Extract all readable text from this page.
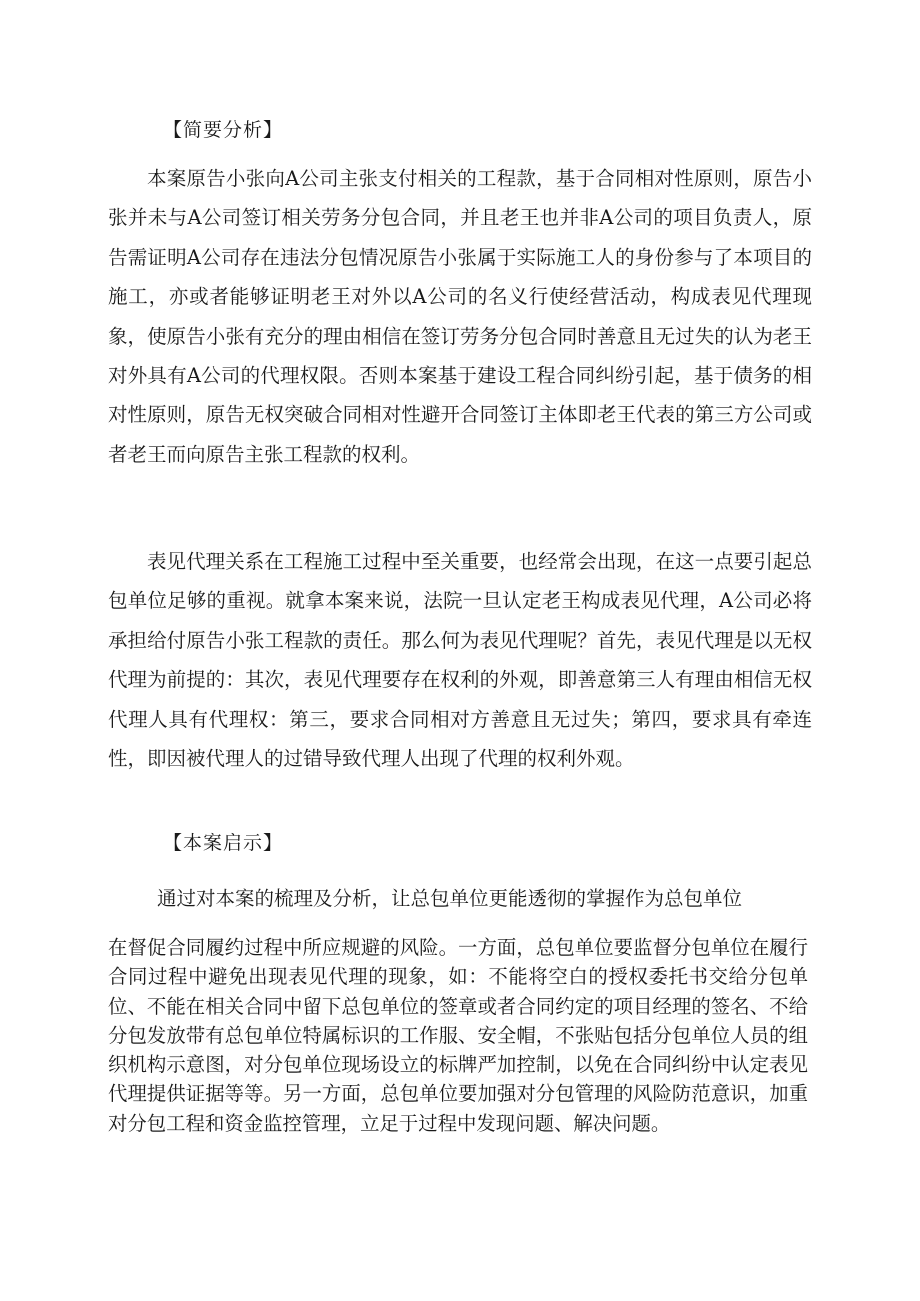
【简要分析】

本案原告小张向A公司主张支付相关的工程款，基于合同相对性原则，原告小张并未与A公司签订相关劳务分包合同，并且老王也并非A公司的项目负责人，原告需证明A公司存在违法分包情况原告小张属于实际施工人的身份参与了本项目的施工，亦或者能够证明老王对外以A公司的名义行使经营活动，构成表见代理现象，使原告小张有充分的理由相信在签订劳务分包合同时善意且无过失的认为老王对外具有A公司的代理权限。否则本案基于建设工程合同纠纷引起，基于债务的相对性原则，原告无权突破合同相对性避开合同签订主体即老王代表的第三方公司或者老王而向原告主张工程款的权利。

表见代理关系在工程施工过程中至关重要，也经常会出现，在这一点要引起总包单位足够的重视。就拿本案来说，法院一旦认定老王构成表见代理，A公司必将承担给付原告小张工程款的责任。那么何为表见代理呢？首先，表见代理是以无权代理为前提的：其次，表见代理要存在权利的外观，即善意第三人有理由相信无权代理人具有代理权：第三，要求合同相对方善意且无过失；第四，要求具有牵连性，即因被代理人的过错导致代理人出现了代理的权利外观。

【本案启示】

通过对本案的梳理及分析，让总包单位更能透彻的掌握作为总包单位

在督促合同履约过程中所应规避的风险。一方面，总包单位要监督分包单位在履行合同过程中避免出现表见代理的现象，如：不能将空白的授权委托书交给分包单位、不能在相关合同中留下总包单位的签章或者合同约定的项目经理的签名、不给分包发放带有总包单位特属标识的工作服、安全帽，不张贴包括分包单位人员的组织机构示意图，对分包单位现场设立的标牌严加控制，以免在合同纠纷中认定表见代理提供证据等等。另一方面，总包单位要加强对分包管理的风险防范意识，加重对分包工程和资金监控管理，立足于过程中发现问题、解决问题。
